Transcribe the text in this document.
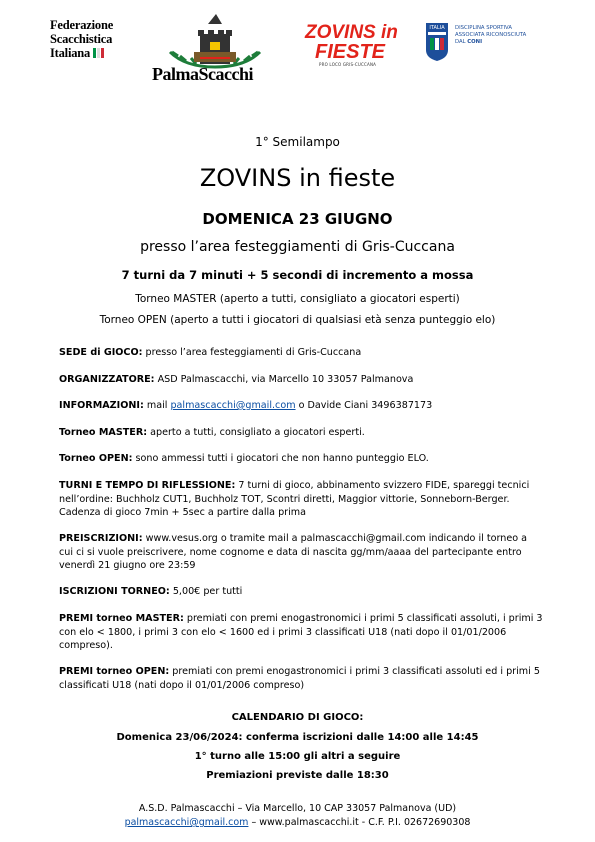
Federazione
Scacchistica
Italiana
PalmaScacchi
ZOVINS in
FIESTE
PRO LOCO GRIS-CUCCANA
ITALIA DISCIPLINA SPORTIVA
ASSOCIATA RICONOSCIUTA
DAL CONI
1° Semilampo
ZOVINS in fieste
DOMENICA 23 GIUGNO
presso l’area festeggiamenti di Gris-Cuccana
7 turni da 7 minuti + 5 secondi di incremento a mossa
Torneo MASTER (aperto a tutti, consigliato a giocatori esperti)
Torneo OPEN (aperto a tutti i giocatori di qualsiasi età senza punteggio elo)
SEDE di GIOCO: presso l’area festeggiamenti di Gris-Cuccana
ORGANIZZATORE: ASD Palmascacchi, via Marcello 10 33057 Palmanova
INFORMAZIONI: mail palmascacchi@gmail.com o Davide Ciani 3496387173
Torneo MASTER: aperto a tutti, consigliato a giocatori esperti.
Torneo OPEN: sono ammessi tutti i giocatori che non hanno punteggio ELO.
TURNI E TEMPO DI RIFLESSIONE: 7 turni di gioco, abbinamento svizzero FIDE, spareggi tecnici nell’ordine: Buchholz CUT1, Buchholz TOT, Scontri diretti, Maggior vittorie, Sonneborn-Berger. Cadenza di gioco 7min + 5sec a partire dalla prima
PREISCRIZIONI: www.vesus.org o tramite mail a palmascacchi@gmail.com indicando il torneo a cui ci si vuole preiscrivere, nome cognome e data di nascita gg/mm/aaaa del partecipante entro venerdì 21 giugno ore 23:59
ISCRIZIONI TORNEO: 5,00€ per tutti
PREMI torneo MASTER: premiati con premi enogastronomici i primi 5 classificati assoluti, i primi 3 con elo < 1800, i primi 3 con elo < 1600 ed i primi 3 classificati U18 (nati dopo il 01/01/2006 compreso).
PREMI torneo OPEN: premiati con premi enogastronomici i primi 3 classificati assoluti ed i primi 5 classificati U18 (nati dopo il 01/01/2006 compreso)
CALENDARIO DI GIOCO:
Domenica 23/06/2024: conferma iscrizioni dalle 14:00 alle 14:45
1° turno alle 15:00 gli altri a seguire
Premiazioni previste dalle 18:30
A.S.D. Palmascacchi – Via Marcello, 10 CAP 33057 Palmanova (UD)
palmascacchi@gmail.com – www.palmascacchi.it - C.F. P.I. 02672690308
